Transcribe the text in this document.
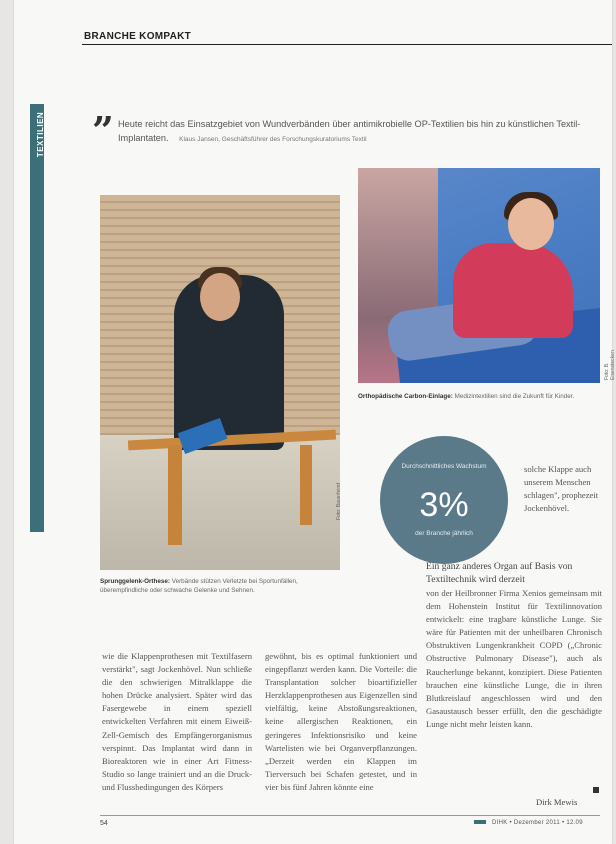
BRANCHE KOMPAKT
TEXTILIEN ” Heute reicht das Einsatzgebiet von Wundverbänden über antimikrobielle OP-Textilien bis hin zu künstlichen Textil-Implantaten. Klaus Jansen, Geschäftsführer des Forschungskuratoriums Textil
Foto: Bauerfeind
Sprunggelenk-Orthese: Verbände stützen Verletzte bei Sportunfällen, überempfindliche oder schwache Gelenke und Sehnen.
Foto: B. Eisenstecken
Orthopädische Carbon-Einlage: Medizintextilien sind die Zukunft für Kinder.
Durchschnittliches Wachstum
3%
der Branche jährlich
solche Klappe auch unserem Menschen schlagen", prophezeit Jockenhövel.
Ein ganz anderes Organ auf Basis von Textiltechnik wird derzeit
von der Heilbronner Firma Xenios gemeinsam mit dem Hohenstein Institut für Textilinnovation entwickelt: eine tragbare künstliche Lunge. Sie wäre für Patienten mit der unheilbaren Chronisch Obstruktiven Lungenkrankheit COPD („Chronic Obstructive Pulmonary Disease"), auch als Raucherlunge bekannt, konzipiert. Diese Patienten brauchen eine künstliche Lunge, die in ihren Blutkreislauf angeschlossen wird und den Gasaustausch besser erfüllt, den die geschädigte Lunge nicht mehr leisten kann.
wie die Klappenprothesen mit Textilfasern verstärkt", sagt Jockenhövel. Nun schließe die den schwierigen Mitralklappe die hohen Drücke analysiert. Später wird das Fasergewebe in einem speziell entwickelten Verfahren mit einem Eiweiß-Zell-Gemisch des Empfängerorganismus verspinnt. Das Implantat wird dann in Bioreaktoren wie in einer Art Fitness-Studio so lange trainiert und an die Druck- und Flussbedingungen des Körpers
gewöhnt, bis es optimal funktioniert und eingepflanzt werden kann. Die Vorteile: die Transplantation solcher bioartifizieller Herzklappenprothesen aus Eigenzellen sind vielfältig, keine Abstoßungsreaktionen, keine allergischen Reaktionen, ein geringeres Infektionsrisiko und keine Wartelisten wie bei Organverpflanzungen. „Derzeit werden ein Klappen im Tierversuch bei Schafen getestet, und in vier bis fünf Jahren könnte eine
Dirk Mewis
54	DIHK • Dezember 2011 • 12.09
